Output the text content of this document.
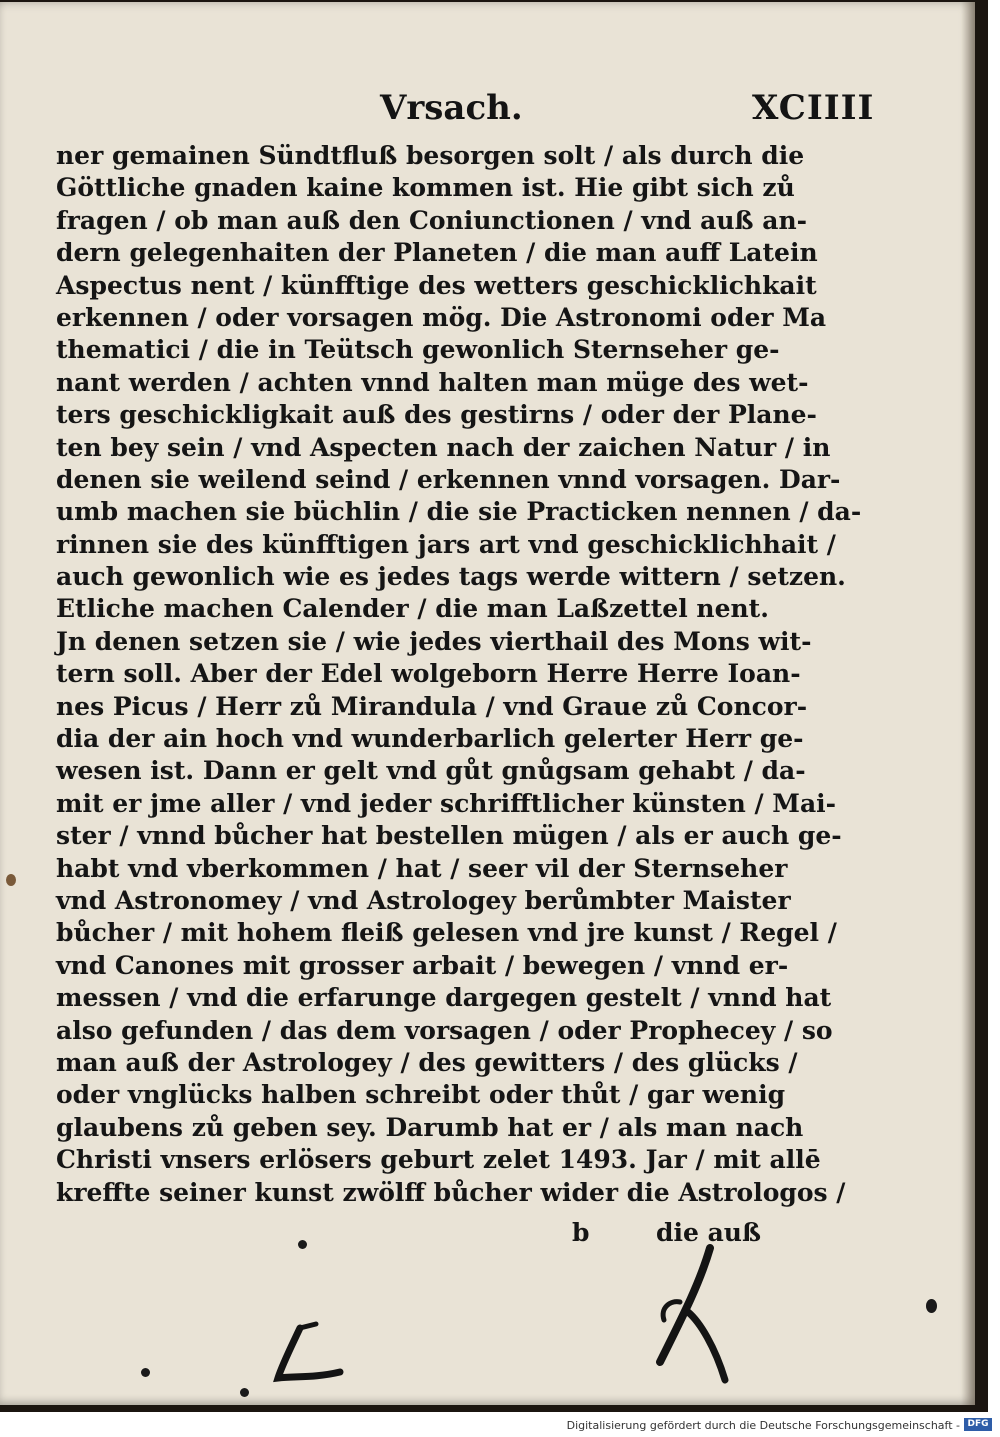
Vrsach.	XCIIII
ner gemainen Sündtfluß besorgen solt / als durch die
Göttliche gnaden kaine kommen ist. Hie gibt sich zů
fragen / ob man auß den Coniunctionen / vnd auß an-
dern gelegenhaiten der Planeten / die man auff Latein
Aspectus nent / künfftige des wetters geschicklichkait
erkennen / oder vorsagen mög. Die Astronomi oder Ma
thematici / die in Teütsch gewonlich Sternseher ge-
nant werden / achten vnnd halten man müge des wet-
ters geschickligkait auß des gestirns / oder der Plane-
ten bey sein / vnd Aspecten nach der zaichen Natur / in
denen sie weilend seind / erkennen vnnd vorsagen. Dar-
umb machen sie büchlin / die sie Practicken nennen / da-
rinnen sie des künfftigen jars art vnd geschicklichhait /
auch gewonlich wie es jedes tags werde wittern / setzen.
Etliche machen Calender / die man Laßzettel nent.
Jn denen setzen sie / wie jedes vierthail des Mons wit-
tern soll. Aber der Edel wolgeborn Herre Herre Ioan-
nes Picus / Herr zů Mirandula / vnd Graue zů Concor-
dia der ain hoch vnd wunderbarlich gelerter Herr ge-
wesen ist. Dann er gelt vnd gůt gnůgsam gehabt / da-
mit er jme aller / vnd jeder schrifftlicher künsten / Mai-
ster / vnnd bůcher hat bestellen mügen / als er auch ge-
habt vnd vberkommen / hat / seer vil der Sternseher
vnd Astronomey / vnd Astrologey berůmbter Maister
bůcher / mit hohem fleiß gelesen vnd jre kunst / Regel /
vnd Canones mit grosser arbait / bewegen / vnnd er-
messen / vnd die erfarunge dargegen gestelt / vnnd hat
also gefunden / das dem vorsagen / oder Prophecey / so
man auß der Astrologey / des gewitters / des glücks /
oder vnglücks halben schreibt oder thůt / gar wenig
glaubens zů geben sey. Darumb hat er / als man nach
Christi vnsers erlösers geburt zelet 1493. Jar / mit allē
kreffte seiner kunst zwölff bůcher wider die Astrologos /
b	die auß
Digitalisierung gefördert durch die Deutsche Forschungsgemeinschaft - DFG
